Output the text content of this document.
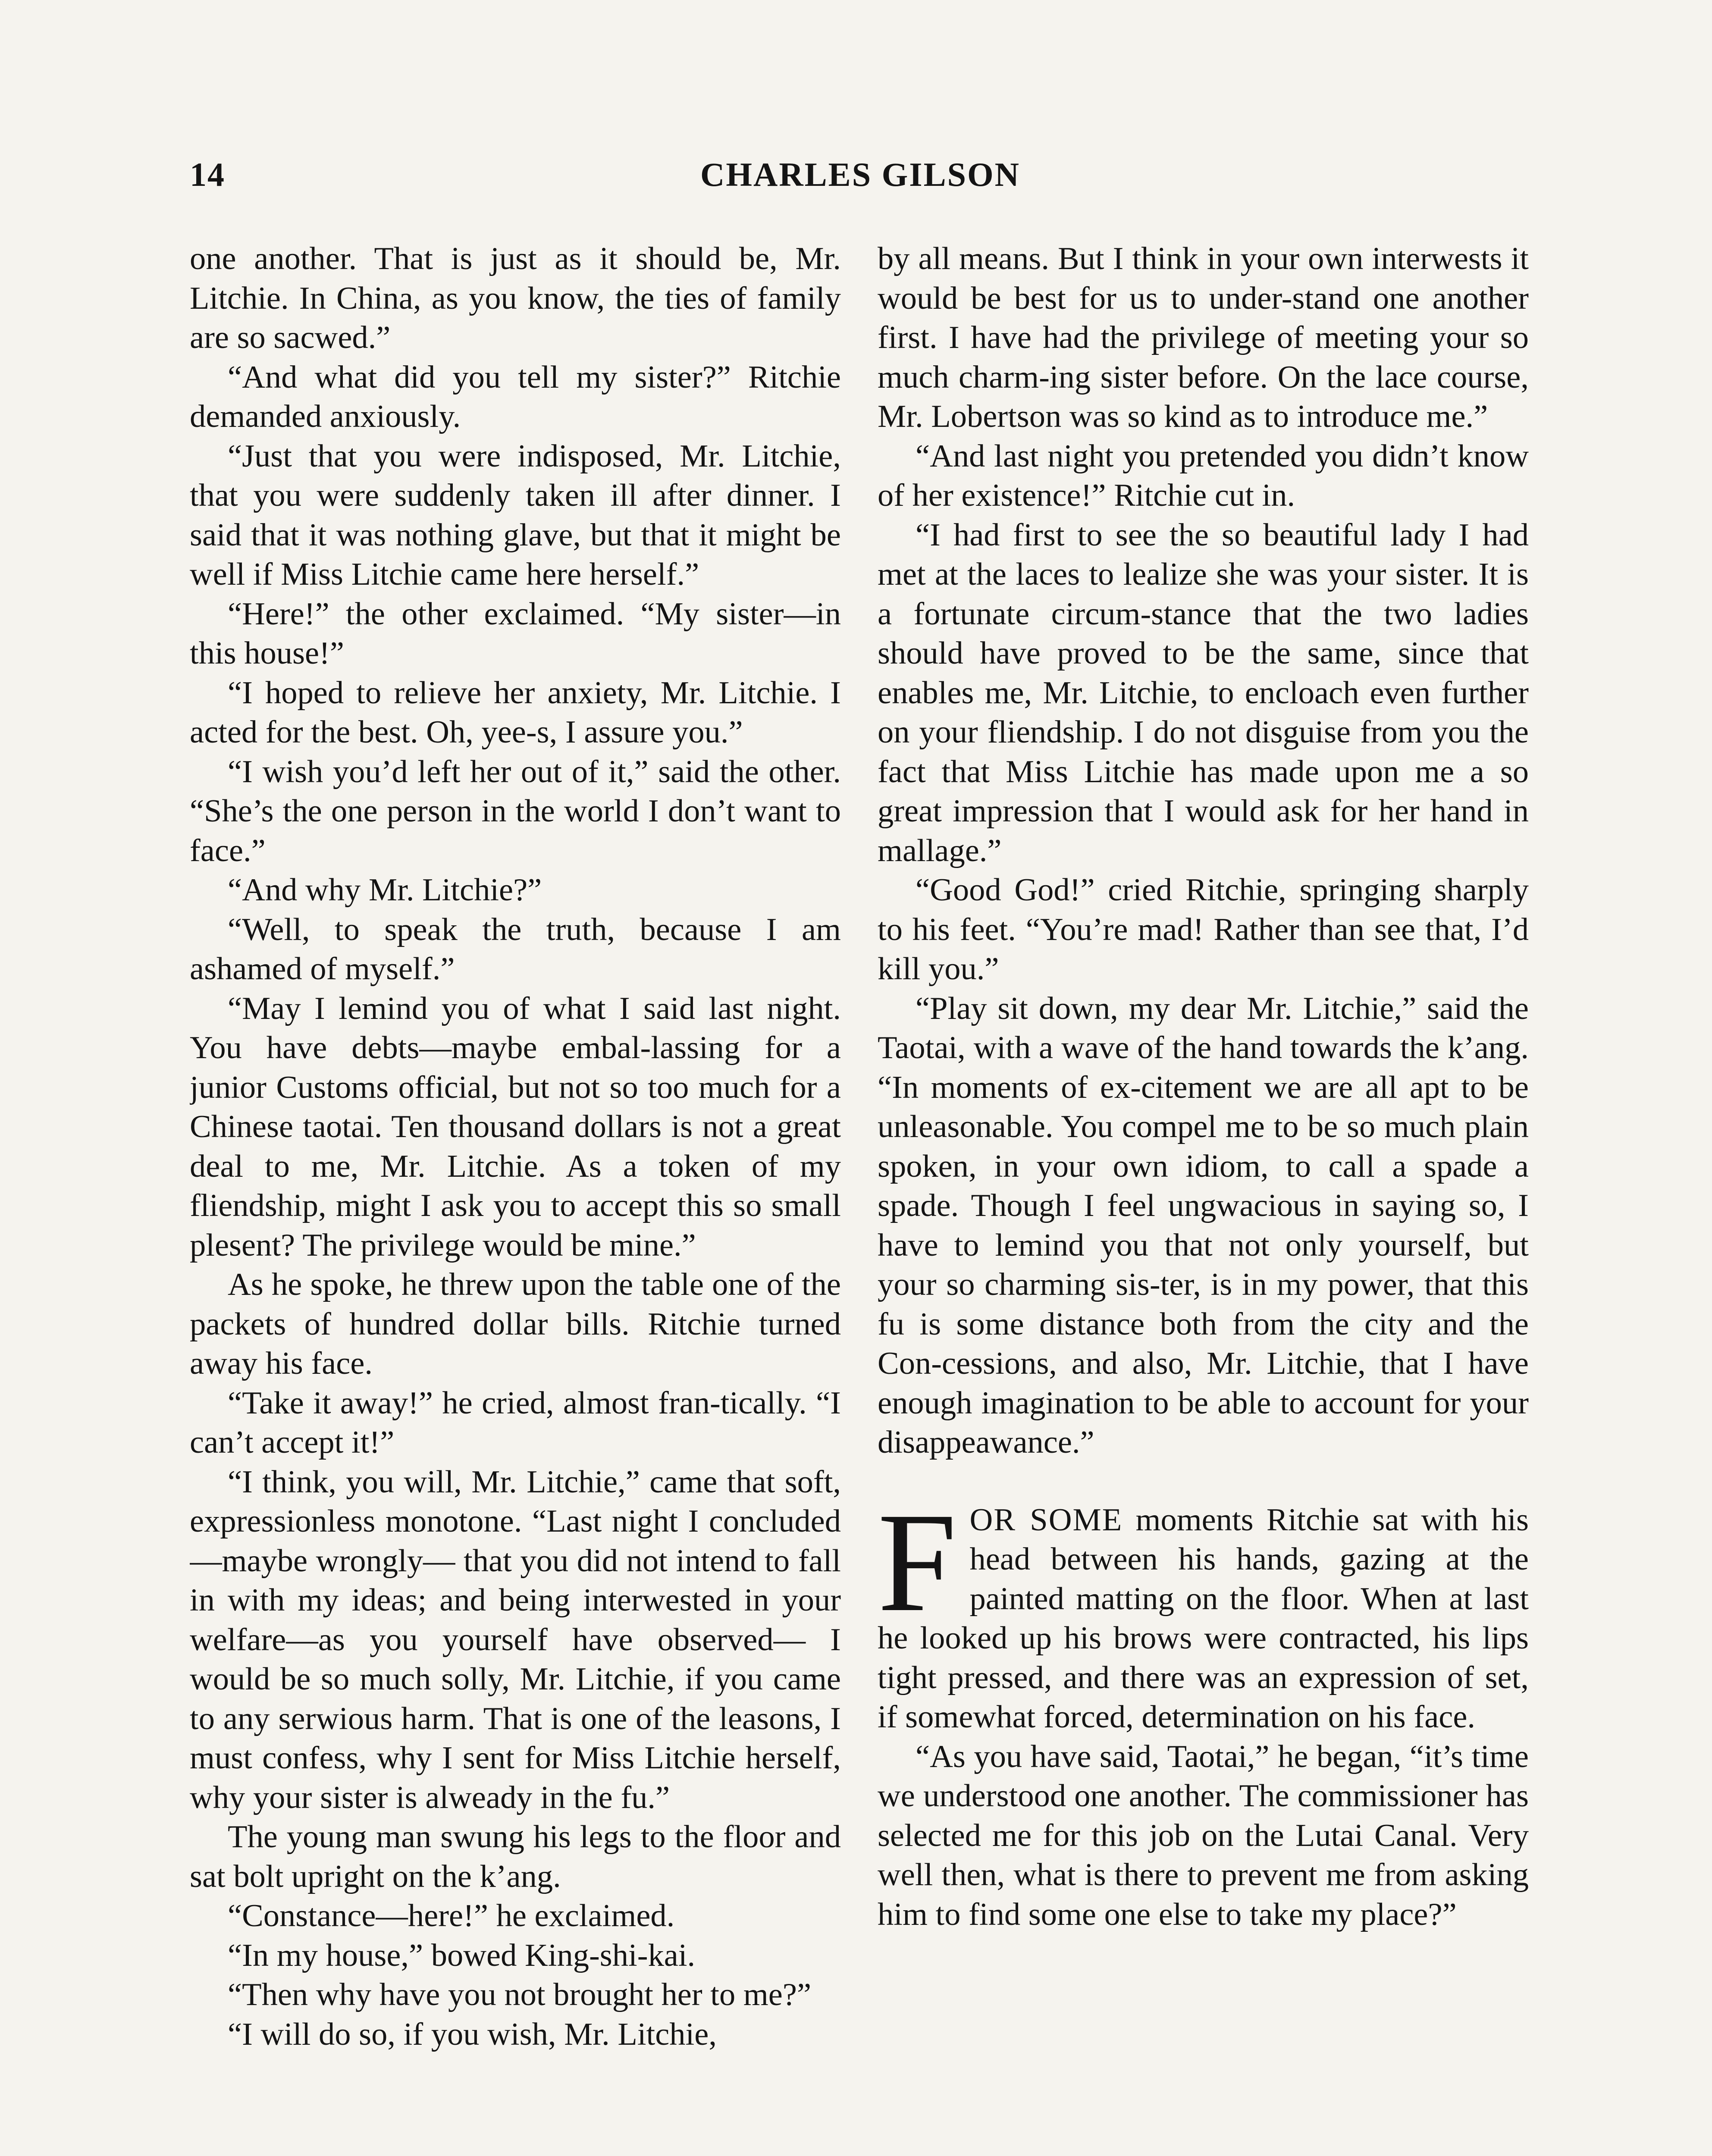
14	CHARLES GILSON

one another. That is just as it should be, Mr. Litchie. In China, as you know, the ties of family are so sacwed.”

“And what did you tell my sister?” Ritchie demanded anxiously.

“Just that you were indisposed, Mr. Litchie, that you were suddenly taken ill after dinner. I said that it was nothing glave, but that it might be well if Miss Litchie came here herself.”

“Here!” the other exclaimed. “My sister—in this house!”

“I hoped to relieve her anxiety, Mr. Litchie. I acted for the best. Oh, yee-s, I assure you.”

“I wish you’d left her out of it,” said the other. “She’s the one person in the world I don’t want to face.”

“And why Mr. Litchie?”

“Well, to speak the truth, because I am ashamed of myself.”

“May I lemind you of what I said last night. You have debts—maybe embal-lassing for a junior Customs official, but not so too much for a Chinese taotai. Ten thousand dollars is not a great deal to me, Mr. Litchie. As a token of my fliendship, might I ask you to accept this so small plesent? The privilege would be mine.”

As he spoke, he threw upon the table one of the packets of hundred dollar bills. Ritchie turned away his face.

“Take it away!” he cried, almost fran-tically. “I can’t accept it!”

“I think, you will, Mr. Litchie,” came that soft, expressionless monotone. “Last night I concluded—maybe wrongly— that you did not intend to fall in with my ideas; and being interwested in your welfare—as you yourself have observed— I would be so much solly, Mr. Litchie, if you came to any serwious harm. That is one of the leasons, I must confess, why I sent for Miss Litchie herself, why your sister is alweady in the fu.”

The young man swung his legs to the floor and sat bolt upright on the k’ang.

“Constance—here!” he exclaimed.

“In my house,” bowed King-shi-kai.

“Then why have you not brought her to me?”

“I will do so, if you wish, Mr. Litchie,

by all means. But I think in your own interwests it would be best for us to under-stand one another first. I have had the privilege of meeting your so much charm-ing sister before. On the lace course, Mr. Lobertson was so kind as to introduce me.”

“And last night you pretended you didn’t know of her existence!” Ritchie cut in.

“I had first to see the so beautiful lady I had met at the laces to lealize she was your sister. It is a fortunate circum-stance that the two ladies should have proved to be the same, since that enables me, Mr. Litchie, to encloach even further on your fliendship. I do not disguise from you the fact that Miss Litchie has made upon me a so great impression that I would ask for her hand in mallage.”

“Good God!” cried Ritchie, springing sharply to his feet. “You’re mad! Rather than see that, I’d kill you.”

“Play sit down, my dear Mr. Litchie,” said the Taotai, with a wave of the hand towards the k’ang. “In moments of ex-citement we are all apt to be unleasonable. You compel me to be so much plain spoken, in your own idiom, to call a spade a spade. Though I feel ungwacious in saying so, I have to lemind you that not only yourself, but your so charming sis-ter, is in my power, that this fu is some distance both from the city and the Con-cessions, and also, Mr. Litchie, that I have enough imagination to be able to account for your disappeawance.”

FOR SOME moments Ritchie sat with his head between his hands, gazing at the painted matting on the floor. When at last he looked up his brows were contracted, his lips tight pressed, and there was an expression of set, if somewhat forced, determination on his face.

“As you have said, Taotai,” he began, “it’s time we understood one another. The commissioner has selected me for this job on the Lutai Canal. Very well then, what is there to prevent me from asking him to find some one else to take my place?”
